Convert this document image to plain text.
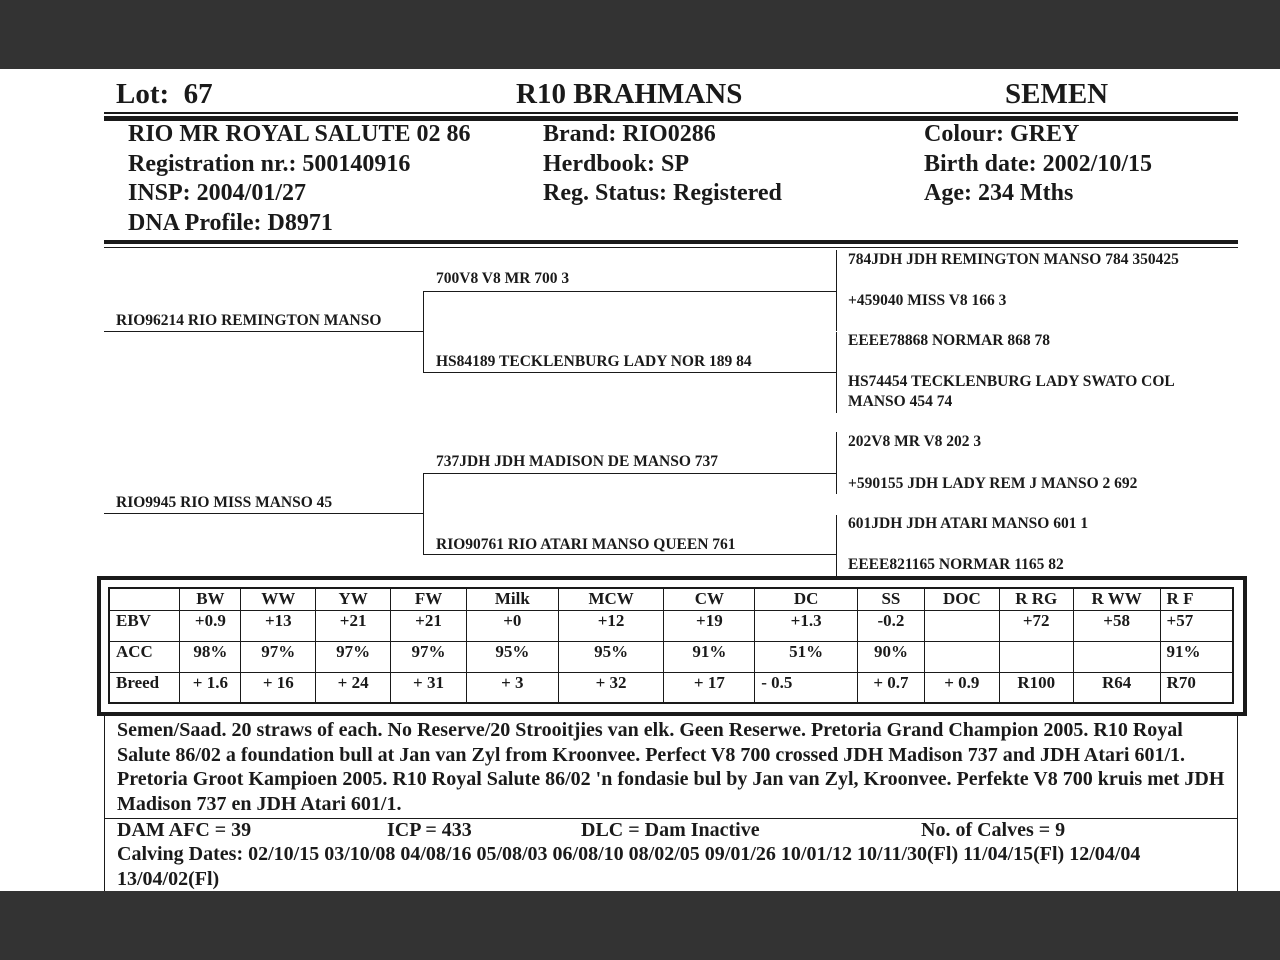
Lot: 67	R10 BRAHMANS	SEMEN
RIO MR ROYAL SALUTE 02 86
Registration nr.: 500140916
INSP: 2004/01/27
DNA Profile: D8971
Brand: RIO0286
Herdbook: SP
Reg. Status: Registered
Colour: GREY
Birth date: 2002/10/15
Age: 234 Mths
RIO96214 RIO REMINGTON MANSO
RIO9945 RIO MISS MANSO 45
700V8 V8 MR 700 3
HS84189 TECKLENBURG LADY NOR 189 84
737JDH JDH MADISON DE MANSO 737
RIO90761 RIO ATARI MANSO QUEEN 761
784JDH JDH REMINGTON MANSO 784 350425
+459040 MISS V8 166 3
EEEE78868 NORMAR 868 78
HS74454 TECKLENBURG LADY SWATO COL
MANSO 454 74
202V8 MR V8 202 3
+590155 JDH LADY REM J MANSO 2 692
601JDH JDH ATARI MANSO 601 1
EEEE821165 NORMAR 1165 82
	BW	WW	YW	FW	Milk	MCW	CW	DC	SS	DOC	R RG	R WW	R F
EBV	+0.9	+13	+21	+21	+0	+12	+19	+1.3	-0.2		+72	+58	+57
ACC	98%	97%	97%	97%	95%	95%	91%	51%	90%				91%
Breed	+ 1.6	+ 16	+ 24	+ 31	+ 3	+ 32	+ 17	- 0.5	+ 0.7	+ 0.9	R100	R64	R70
Semen/Saad. 20 straws of each. No Reserve/20 Strooitjies van elk. Geen Reserwe. Pretoria Grand Champion 2005. R10 Royal Salute 86/02 a foundation bull at Jan van Zyl from Kroonvee. Perfect V8 700 crossed JDH Madison 737 and JDH Atari 601/1. Pretoria Groot Kampioen 2005. R10 Royal Salute 86/02 'n fondasie bul by Jan van Zyl, Kroonvee. Perfekte V8 700 kruis met JDH Madison 737 en JDH Atari 601/1.
DAM AFC = 39	ICP = 433	DLC = Dam Inactive	No. of Calves = 9
Calving Dates: 02/10/15 03/10/08 04/08/16 05/08/03 06/08/10 08/02/05 09/01/26 10/01/12 10/11/30(Fl) 11/04/15(Fl) 12/04/04 13/04/02(Fl)
